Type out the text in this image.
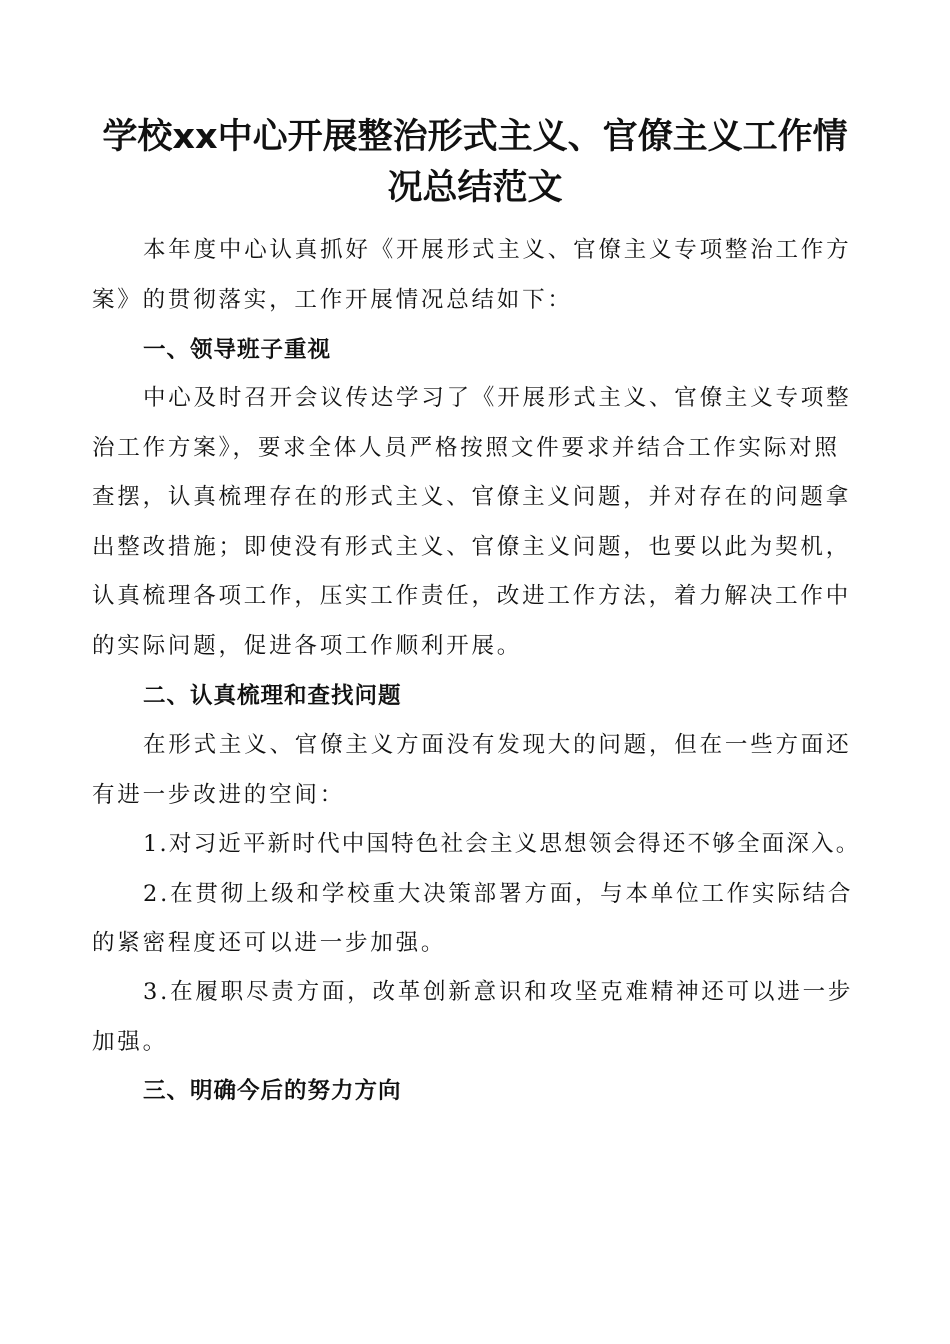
学校xx中心开展整治形式主义、官僚主义工作情
况总结范文
本年度中心认真抓好《开展形式主义、官僚主义专项整治工作方
案》的贯彻落实，工作开展情况总结如下：
一、领导班子重视
中心及时召开会议传达学习了《开展形式主义、官僚主义专项整
治工作方案》，要求全体人员严格按照文件要求并结合工作实际对照
查摆，认真梳理存在的形式主义、官僚主义问题，并对存在的问题拿
出整改措施；即使没有形式主义、官僚主义问题，也要以此为契机，
认真梳理各项工作，压实工作责任，改进工作方法，着力解决工作中
的实际问题，促进各项工作顺利开展。
二、认真梳理和查找问题
在形式主义、官僚主义方面没有发现大的问题，但在一些方面还
有进一步改进的空间：
1.对习近平新时代中国特色社会主义思想领会得还不够全面深入。
2.在贯彻上级和学校重大决策部署方面，与本单位工作实际结合
的紧密程度还可以进一步加强。
3.在履职尽责方面，改革创新意识和攻坚克难精神还可以进一步
加强。
三、明确今后的努力方向
